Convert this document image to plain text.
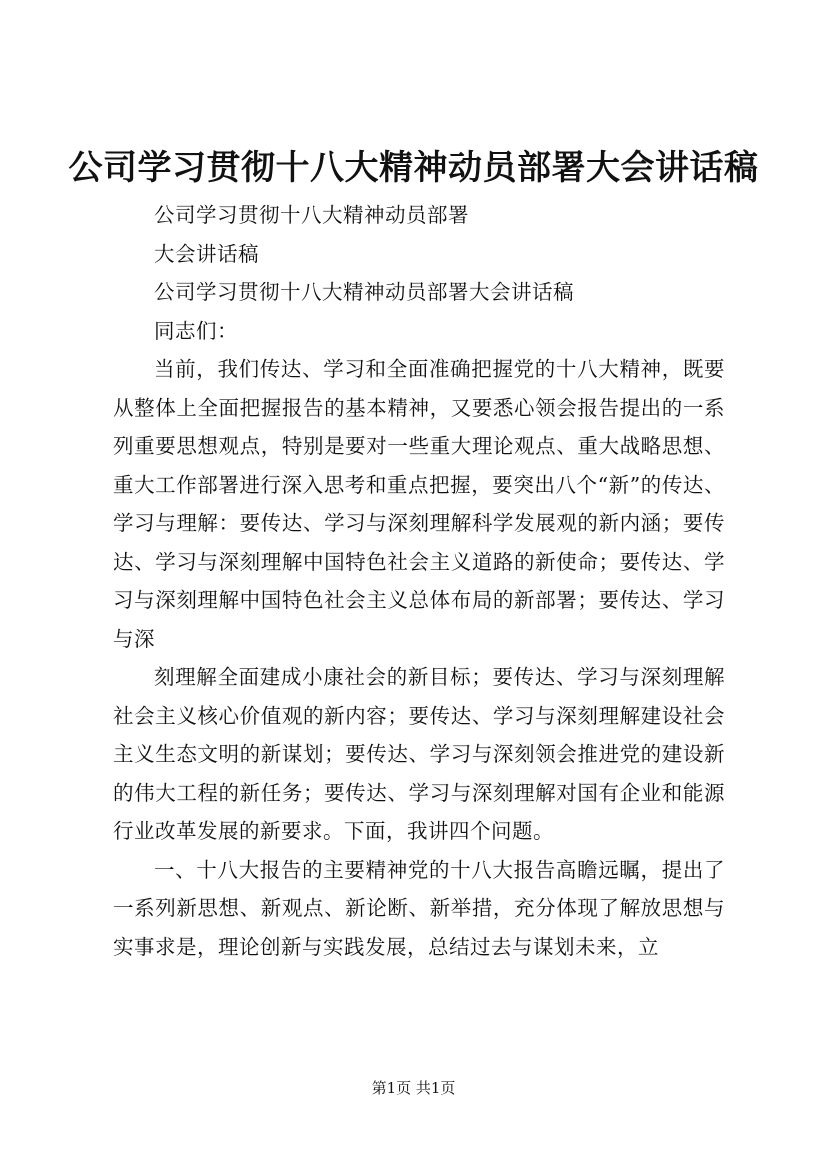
公司学习贯彻十八大精神动员部署大会讲话稿

公司学习贯彻十八大精神动员部署

大会讲话稿

公司学习贯彻十八大精神动员部署大会讲话稿

同志们：

当前，我们传达、学习和全面准确把握党的十八大精神，既要从整体上全面把握报告的基本精神，又要悉心领会报告提出的一系列重要思想观点，特别是要对一些重大理论观点、重大战略思想、重大工作部署进行深入思考和重点把握，要突出八个“新”的传达、学习与理解：要传达、学习与深刻理解科学发展观的新内涵；要传达、学习与深刻理解中国特色社会主义道路的新使命；要传达、学习与深刻理解中国特色社会主义总体布局的新部署；要传达、学习与深

刻理解全面建成小康社会的新目标；要传达、学习与深刻理解社会主义核心价值观的新内容；要传达、学习与深刻理解建设社会主义生态文明的新谋划；要传达、学习与深刻领会推进党的建设新的伟大工程的新任务；要传达、学习与深刻理解对国有企业和能源行业改革发展的新要求。下面，我讲四个问题。

一、十八大报告的主要精神党的十八大报告高瞻远瞩，提出了一系列新思想、新观点、新论断、新举措，充分体现了解放思想与实事求是，理论创新与实践发展，总结过去与谋划未来，立

第1页 共1页
